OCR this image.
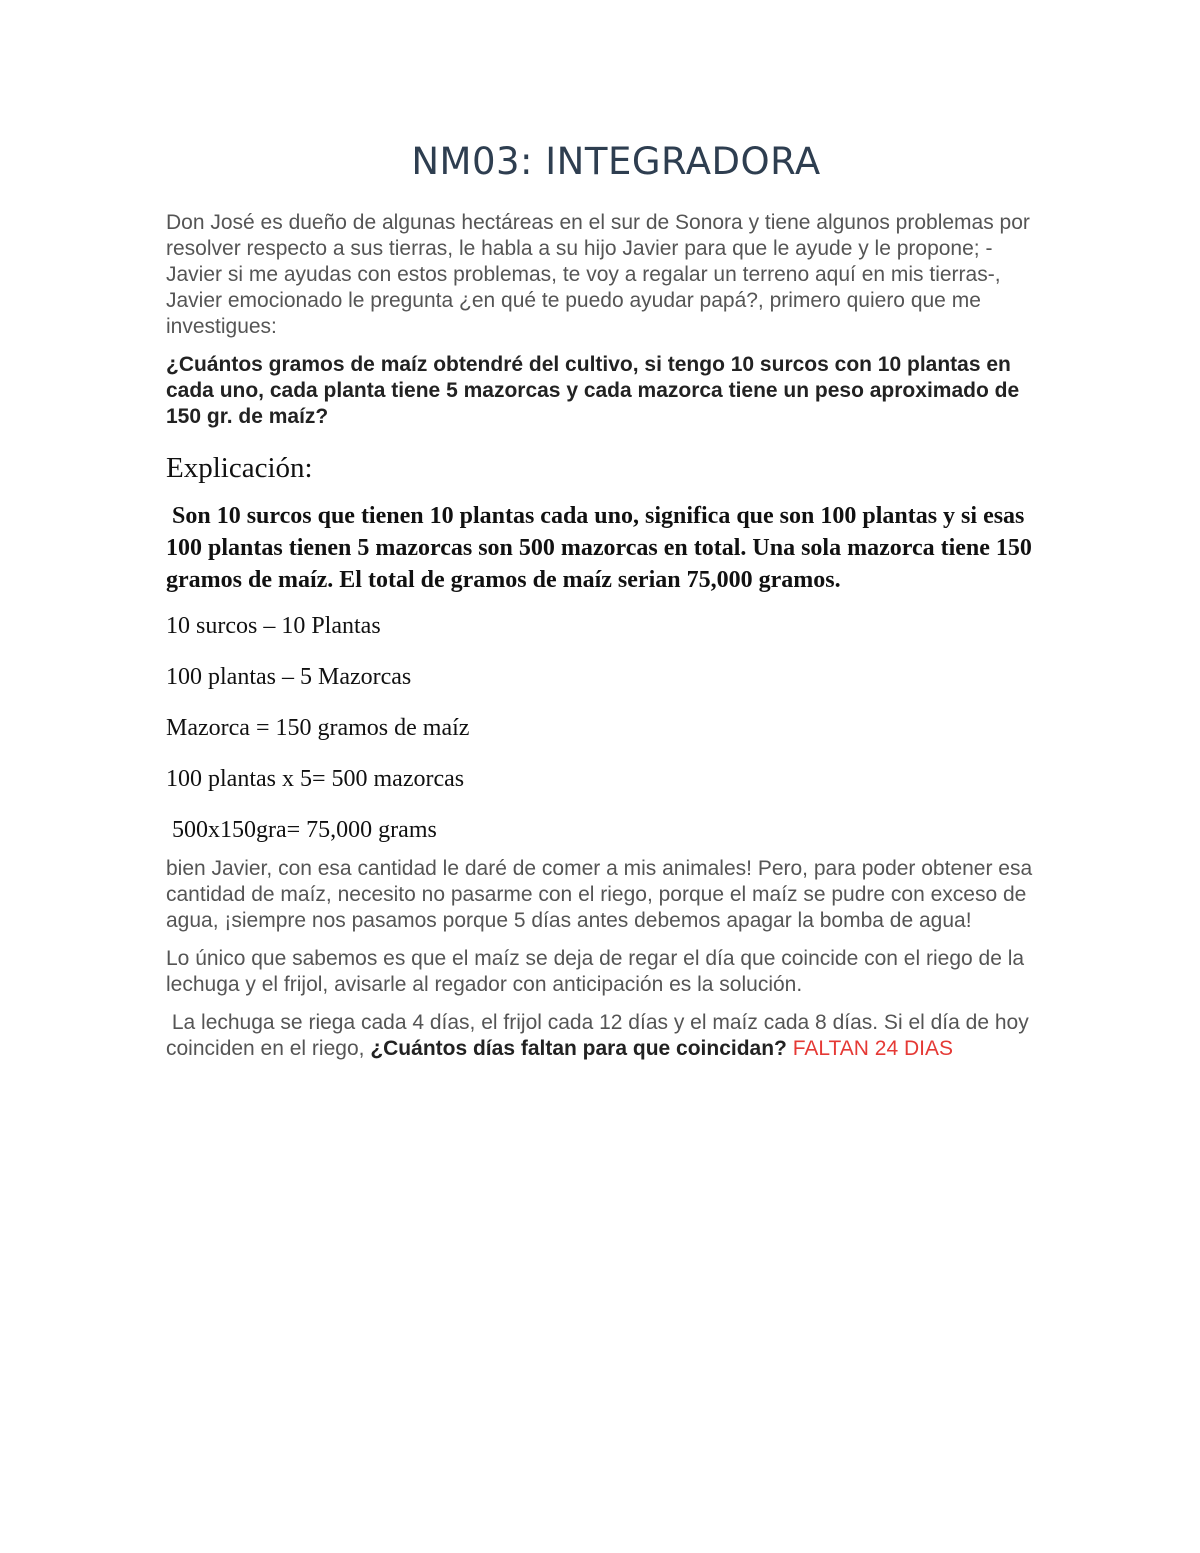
NM03: INTEGRADORA

Don José es dueño de algunas hectáreas en el sur de Sonora y tiene algunos problemas por resolver respecto a sus tierras, le habla a su hijo Javier para que le ayude y le propone; -Javier si me ayudas con estos problemas, te voy a regalar un terreno aquí en mis tierras-, Javier emocionado le pregunta ¿en qué te puedo ayudar papá?, primero quiero que me investigues:

¿Cuántos gramos de maíz obtendré del cultivo, si tengo 10 surcos con 10 plantas en cada uno, cada planta tiene 5 mazorcas y cada mazorca tiene un peso aproximado de 150 gr. de maíz?

Explicación:

Son 10 surcos que tienen 10 plantas cada uno, significa que son 100 plantas y si esas 100 plantas tienen 5 mazorcas son 500 mazorcas en total. Una sola mazorca tiene 150 gramos de maíz. El total de gramos de maíz serian 75,000 gramos.

10 surcos – 10 Plantas

100 plantas – 5 Mazorcas

Mazorca = 150 gramos de maíz

100 plantas x 5= 500 mazorcas

500x150gra= 75,000 grams

bien Javier, con esa cantidad le daré de comer a mis animales! Pero, para poder obtener esa cantidad de maíz, necesito no pasarme con el riego, porque el maíz se pudre con exceso de agua, ¡siempre nos pasamos porque 5 días antes debemos apagar la bomba de agua!

Lo único que sabemos es que el maíz se deja de regar el día que coincide con el riego de la lechuga y el frijol, avisarle al regador con anticipación es la solución.

La lechuga se riega cada 4 días, el frijol cada 12 días y el maíz cada 8 días. Si el día de hoy coinciden en el riego, ¿Cuántos días faltan para que coincidan? FALTAN 24 DIAS
